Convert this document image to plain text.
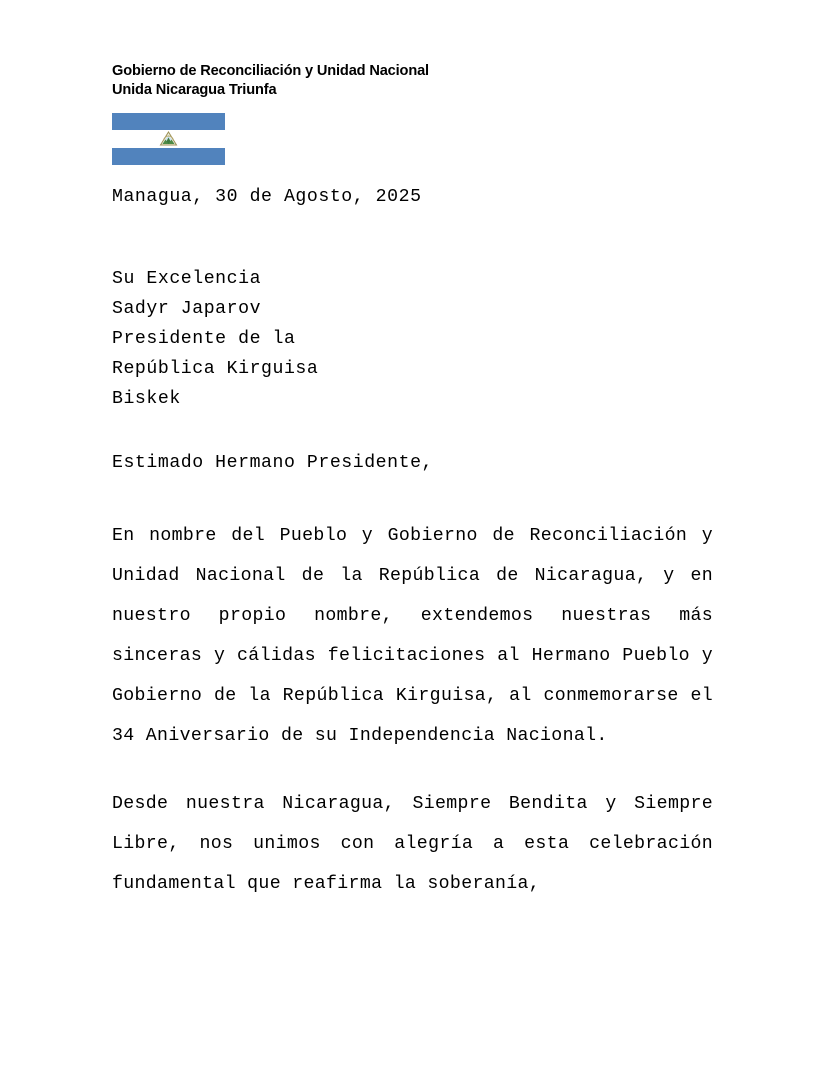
Gobierno de Reconciliación y Unidad Nacional
Unida Nicaragua Triunfa
Managua, 30 de Agosto, 2025
Su Excelencia
Sadyr Japarov
Presidente de la
República Kirguisa
Biskek
Estimado Hermano Presidente,
En nombre del Pueblo y Gobierno de Reconciliación y Unidad Nacional de la República de Nicaragua, y en nuestro propio nombre, extendemos nuestras más sinceras y cálidas felicitaciones al Hermano Pueblo y Gobierno de la República Kirguisa, al conmemorarse el 34 Aniversario de su Independencia Nacional.
Desde nuestra Nicaragua, Siempre Bendita y Siempre Libre, nos unimos con alegría a esta celebración fundamental que reafirma la soberanía,
